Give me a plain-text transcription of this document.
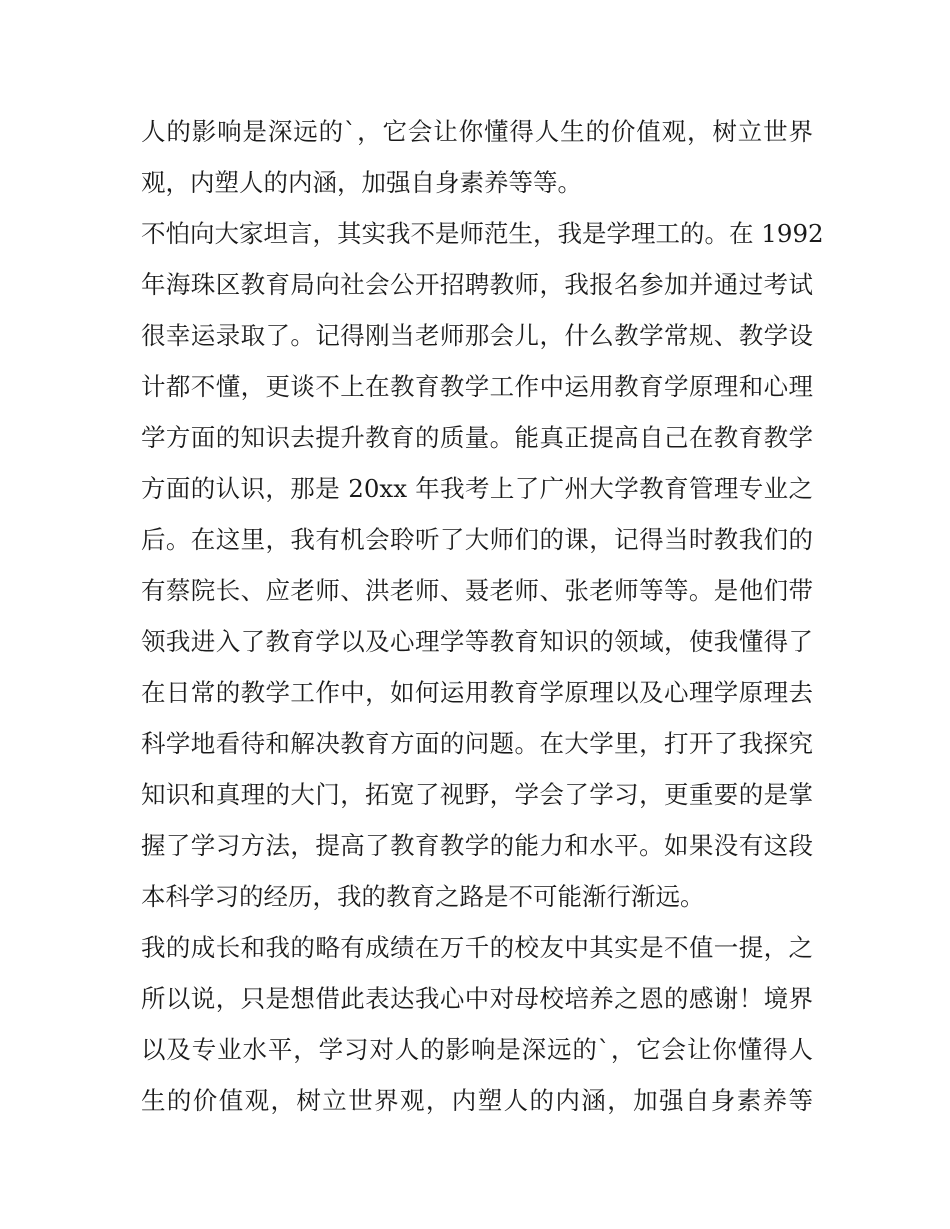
人的影响是深远的`，它会让你懂得人生的价值观，树立世界
观，内塑人的内涵，加强自身素养等等。
不怕向大家坦言，其实我不是师范生，我是学理工的。在 1992
年海珠区教育局向社会公开招聘教师，我报名参加并通过考试
很幸运录取了。记得刚当老师那会儿，什么教学常规、教学设
计都不懂，更谈不上在教育教学工作中运用教育学原理和心理
学方面的知识去提升教育的质量。能真正提高自己在教育教学
方面的认识，那是 20xx 年我考上了广州大学教育管理专业之
后。在这里，我有机会聆听了大师们的课，记得当时教我们的
有蔡院长、应老师、洪老师、聂老师、张老师等等。是他们带
领我进入了教育学以及心理学等教育知识的领域，使我懂得了
在日常的教学工作中，如何运用教育学原理以及心理学原理去
科学地看待和解决教育方面的问题。在大学里，打开了我探究
知识和真理的大门，拓宽了视野，学会了学习，更重要的是掌
握了学习方法，提高了教育教学的能力和水平。如果没有这段
本科学习的经历，我的教育之路是不可能渐行渐远。
我的成长和我的略有成绩在万千的校友中其实是不值一提，之
所以说，只是想借此表达我心中对母校培养之恩的感谢！境界
以及专业水平，学习对人的影响是深远的`，它会让你懂得人
生的价值观，树立世界观，内塑人的内涵，加强自身素养等
